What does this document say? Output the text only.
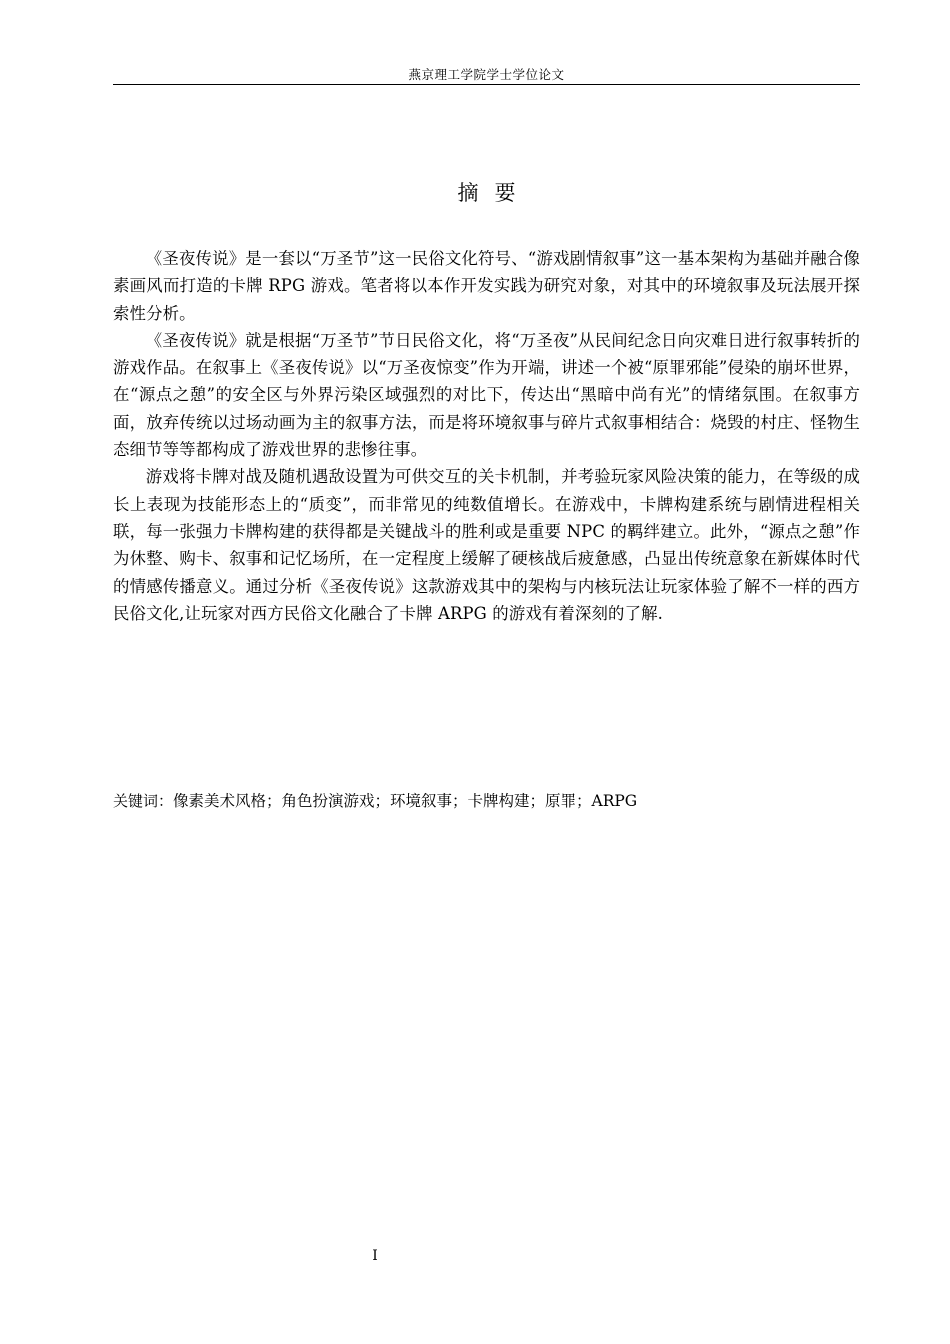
燕京理工学院学士学位论文
摘要

《圣夜传说》是一套以“万圣节”这一民俗文化符号、“游戏剧情叙事”这一基本架构为基础并融合像素画风而打造的卡牌 RPG 游戏。笔者将以本作开发实践为研究对象，对其中的环境叙事及玩法展开探索性分析。

《圣夜传说》就是根据“万圣节”节日民俗文化，将“万圣夜”从民间纪念日向灾难日进行叙事转折的游戏作品。在叙事上《圣夜传说》以“万圣夜惊变”作为开端，讲述一个被“原罪邪能”侵染的崩坏世界，在“源点之憩”的安全区与外界污染区域强烈的对比下，传达出“黑暗中尚有光”的情绪氛围。在叙事方面，放弃传统以过场动画为主的叙事方法，而是将环境叙事与碎片式叙事相结合：烧毁的村庄、怪物生态细节等等都构成了游戏世界的悲惨往事。

游戏将卡牌对战及随机遇敌设置为可供交互的关卡机制，并考验玩家风险决策的能力，在等级的成长上表现为技能形态上的“质变”，而非常见的纯数值增长。在游戏中，卡牌构建系统与剧情进程相关联，每一张强力卡牌构建的获得都是关键战斗的胜利或是重要 NPC 的羁绊建立。此外，“源点之憩”作为休整、购卡、叙事和记忆场所，在一定程度上缓解了硬核战后疲惫感，凸显出传统意象在新媒体时代的情感传播意义。通过分析《圣夜传说》这款游戏其中的架构与内核玩法让玩家体验了解不一样的西方民俗文化,让玩家对西方民俗文化融合了卡牌 ARPG 的游戏有着深刻的了解.

关键词：像素美术风格；角色扮演游戏；环境叙事；卡牌构建；原罪；ARPG
I
